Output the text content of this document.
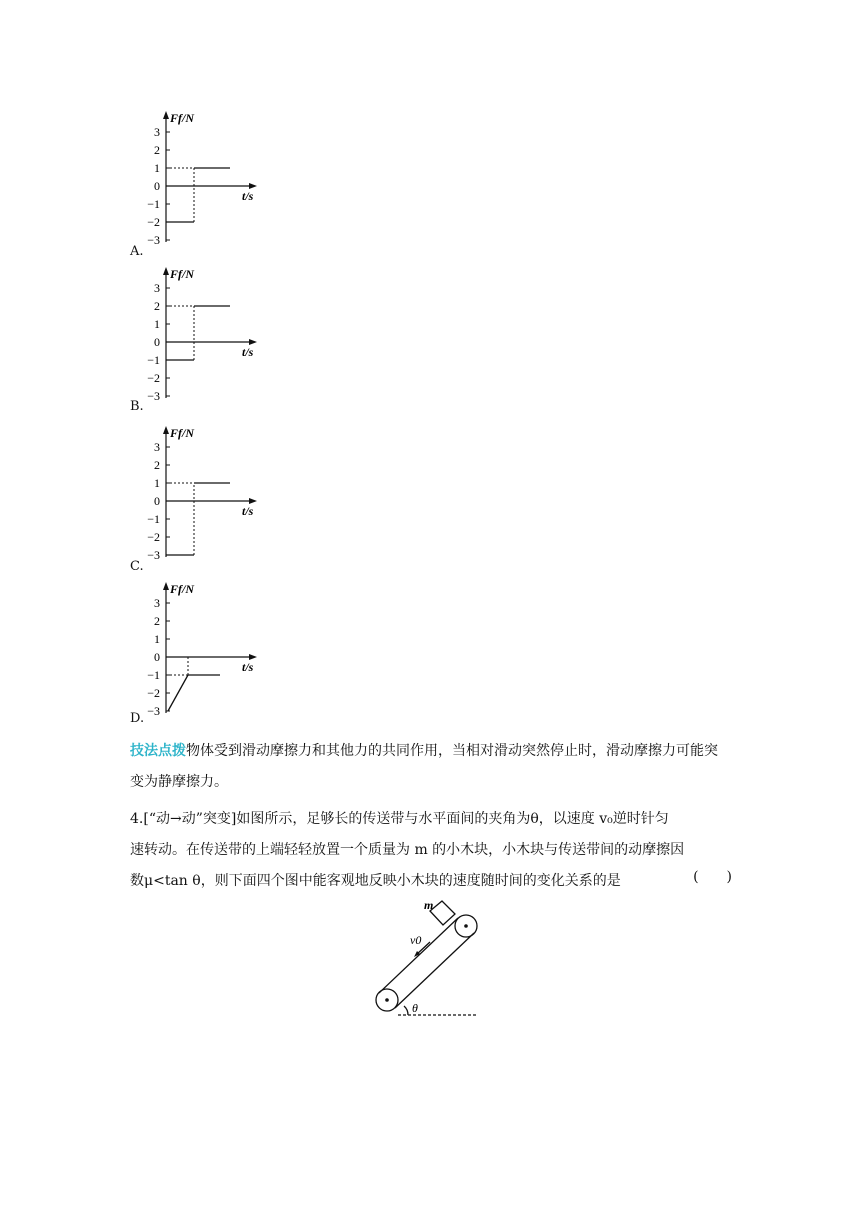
Ff/N
t/s
3
2
1
0
−1
−2
−3
A.
Ff/N
t/s
3
2
1
0
−1
−2
−3
B.
Ff/N
t/s
3
2
1
0
−1
−2
−3
C.
Ff/N
t/s
3
2
1
0
−1
−2
−3
D.
技法点拨物体受到滑动摩擦力和其他力的共同作用，当相对滑动突然停止时，滑动摩擦力可能突变为静摩擦力。
4.[“动→动”突变]如图所示，足够长的传送带与水平面间的夹角为θ，以速度 v₀逆时针匀
速转动。在传送带的上端轻轻放置一个质量为 m 的小木块，小木块与传送带间的动摩擦因
数μ<tan θ，则下面四个图中能客观地反映小木块的速度随时间的变化关系的是	(　　)
m
v0
θ
